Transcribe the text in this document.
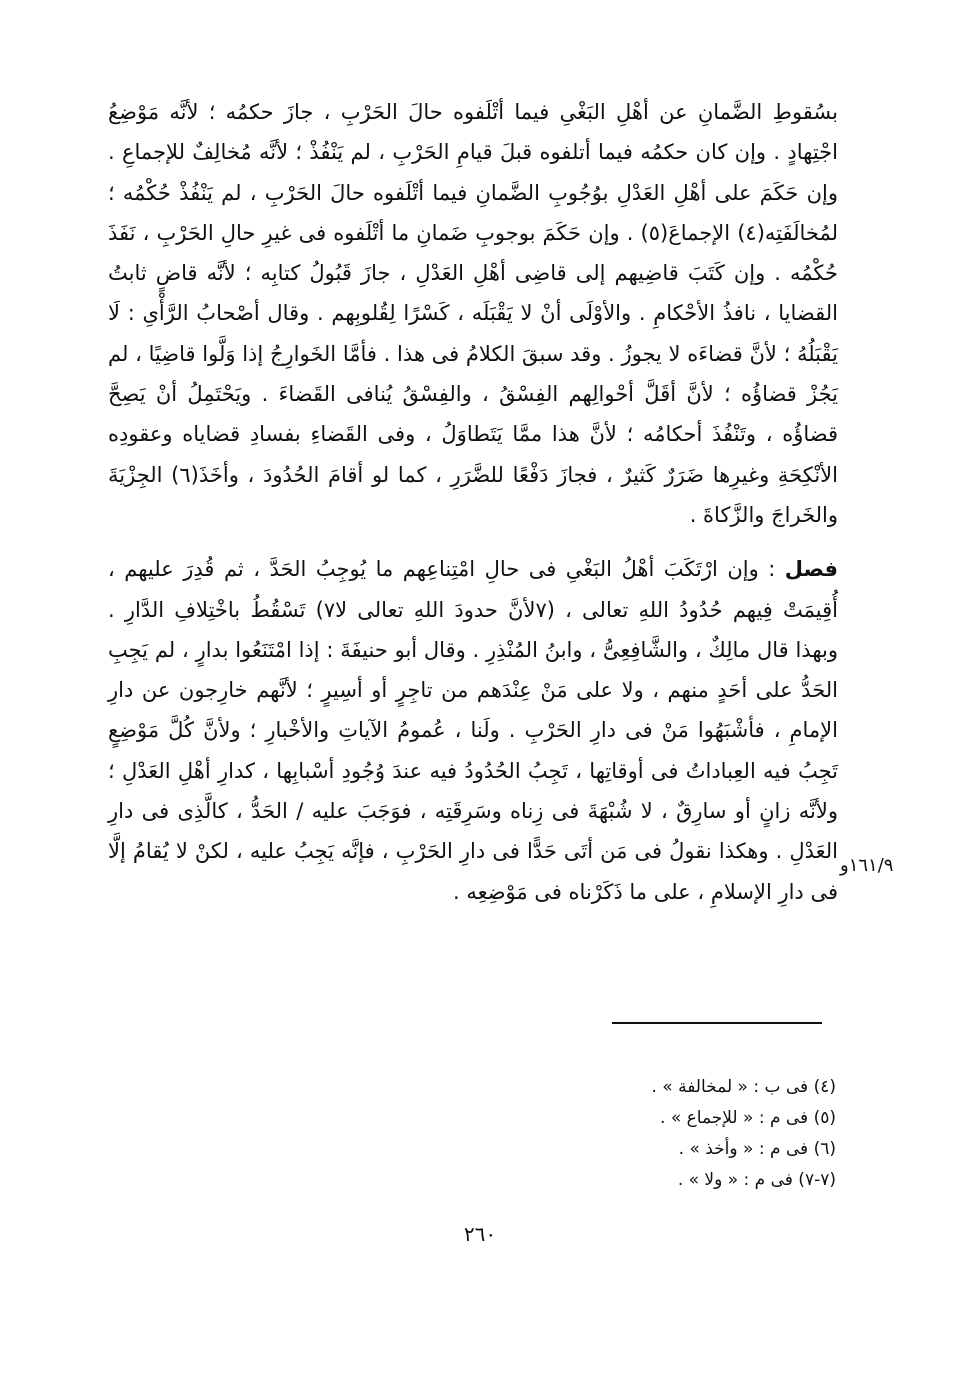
بسُقوطِ الضَّمانِ عن أهْلِ البَغْىِ فيما أتْلَفوه حالَ الحَرْبِ ، جازَ حكمُه ؛ لأنَّه مَوْضِعُ اجْتِهادٍ . وإن كان حكمُه فيما أتلفوه قبلَ قيامِ الحَرْبِ ، لم يَنْفُذْ ؛ لأنَّه مُخالِفٌ للإجماعِ . وإن حَكَمَ على أهْلِ العَدْلِ بوُجُوبِ الضَّمانِ فيما أتْلَفوه حالَ الحَرْبِ ، لم يَنْفُذْ حُكْمُه ؛ لمُخالَفَتِه(٤) الإجماعَ(٥) . وإن حَكَمَ بوجوبِ ضَمانِ ما أتْلَفوه فى غيرِ حالِ الحَرْبِ ، نَفَذَ حُكْمُه . وإن كَتَبَ قاضِيهم إلى قاضِى أهْلِ العَدْلِ ، جازَ قَبُولُ كتابِه ؛ لأنَّه قاضٍ ثابتُ القضايا ، نافذُ الأحْكامِ . والأوْلَى أنْ لا يَقْبَلَه ، كَسْرًا لِقُلوبِهم . وقال أصْحابُ الرَّأْىِ : لَا يَقْبَلُهُ ؛ لأنَّ قضاءَه لا يجوزُ . وقد سبقَ الكلامُ فى هذا . فأمَّا الخَوارِجُ إذا وَلَّوا قاضِيًا ، لم يَجُزْ قضاؤُه ؛ لأنَّ أقَلَّ أحْوالِهم الفِسْقُ ، والفِسْقُ يُنافى القَضاءَ . ويَحْتَمِلُ أنْ يَصِحَّ قضاؤُه ، وتَنْفُذَ أحكامُه ؛ لأنَّ هذا ممَّا يَتَطاوَلُ ، وفى القَضاءِ بفسادِ قضاياه وعقودِه الأنْكِحَةِ وغيرِها ضَرَرٌ كَثيرٌ ، فجازَ دَفْعًا للضَّرَرِ ، كما لو أقامَ الحُدُودَ ، وأخَذَ(٦) الجِزْيَةَ والخَراجَ والزَّكاةَ .

فصل : وإن ارْتَكَبَ أهْلُ البَغْىِ فى حالِ امْتِناعِهم ما يُوجِبُ الحَدَّ ، ثم قُدِرَ عليهم ، أُقِيمَتْ فِيهم حُدُودُ اللهِ تعالى ، (٧لأنَّ حدودَ اللهِ تعالى لا٧) تَسْقُطُ باخْتِلافِ الدَّارِ . وبهذا قال مالِكٌ ، والشَّافِعِىُّ ، وابنُ المُنْذِرِ . وقال أبو حنيفَةَ : إذا امْتَنَعُوا بدارٍ ، لم يَجِبِ الحَدُّ على أحَدٍ منهم ، ولا على مَنْ عِنْدَهم من تاجِرٍ أو أسِيرٍ ؛ لأنَّهم خارِجون عن دارِ الإمامِ ، فأشْبَهُوا مَنْ فى دارِ الحَرْبِ . ولَنا ، عُمومُ الآياتِ والأخْبارِ ؛ ولأنَّ كُلَّ مَوْضِعٍ تَجِبُ فيه العِباداتُ فى أوقاتِها ، تَجِبُ الحُدُودُ فيه عندَ وُجُودِ أسْبابِها ، كدارِ أهْلِ العَدْلِ ؛ ولأنَّه زانٍ أو سارِقٌ ، لا شُبْهَةَ فى زِناه وسَرِقَتِه ، فوَجَبَ عليه / الحَدُّ ، كالَّذِى فى دارِ العَدْلِ . وهكذا نقولُ فى مَن أتَى حَدًّا فى دارِ الحَرْبِ ، فإنَّه يَجِبُ عليه ، لكنْ لا يُقامُ إلَّا فى دارِ الإسلامِ ، على ما ذَكَرْناه فى مَوْضِعِه .

١٦١/٩و
(٤) فى ب : « لمخالفة » .
(٥) فى م : « للإجماع » .
(٦) فى م : « وأخذ » .
(٧-٧) فى م : « ولا » .
٢٦٠
